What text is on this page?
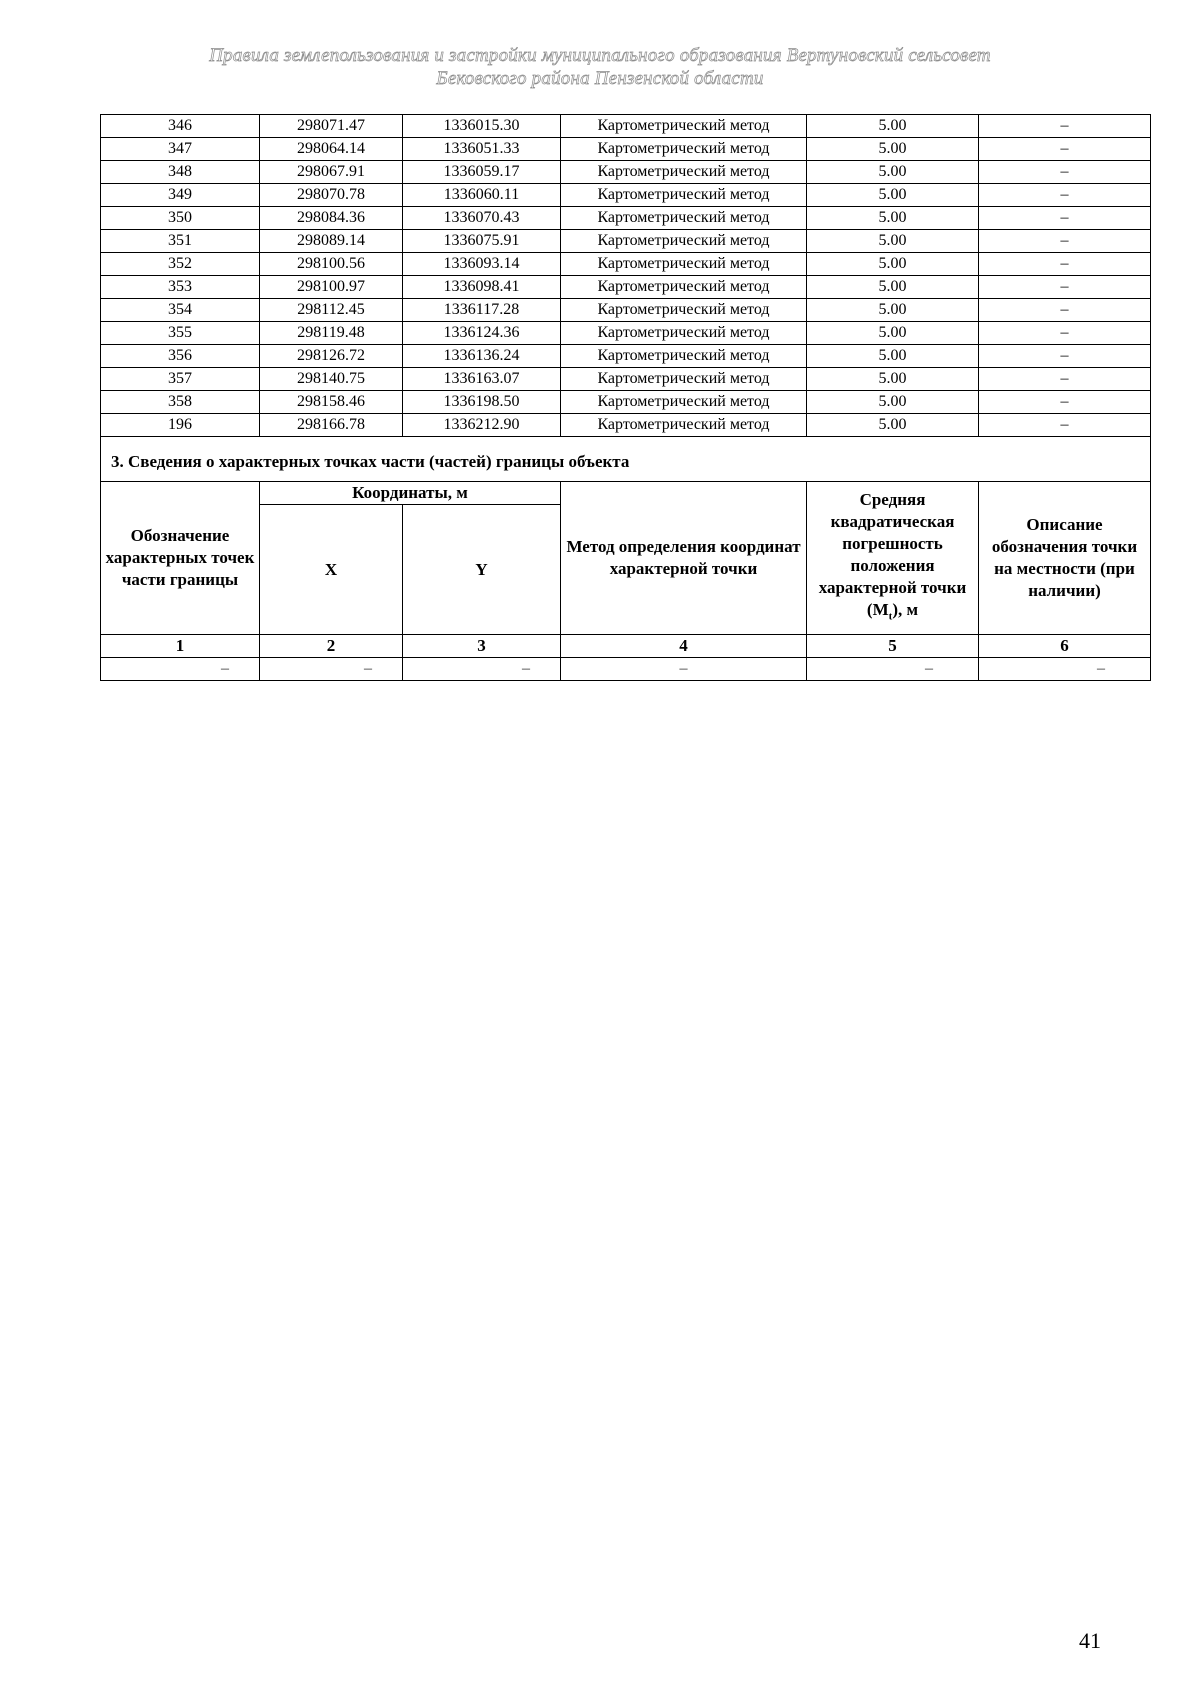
Правила землепользования и застройки муниципального образования Вертуновский сельсовет
Бековского района Пензенской области
346	298071.47	1336015.30	Картометрический метод	5.00	–
347	298064.14	1336051.33	Картометрический метод	5.00	–
348	298067.91	1336059.17	Картометрический метод	5.00	–
349	298070.78	1336060.11	Картометрический метод	5.00	–
350	298084.36	1336070.43	Картометрический метод	5.00	–
351	298089.14	1336075.91	Картометрический метод	5.00	–
352	298100.56	1336093.14	Картометрический метод	5.00	–
353	298100.97	1336098.41	Картометрический метод	5.00	–
354	298112.45	1336117.28	Картометрический метод	5.00	–
355	298119.48	1336124.36	Картометрический метод	5.00	–
356	298126.72	1336136.24	Картометрический метод	5.00	–
357	298140.75	1336163.07	Картометрический метод	5.00	–
358	298158.46	1336198.50	Картометрический метод	5.00	–
196	298166.78	1336212.90	Картометрический метод	5.00	–
3. Сведения о характерных точках части (частей) границы объекта					
Обозначение характерных точек части границы	Координаты, м		Метод определения координат характерной точки	Средняя квадратическая погрешность положения характерной точки $(M_t)$, м	Описание обозначения точки на местности (при наличии)
	X	Y			
1	2	3	4	5	6
–	–	–	–	–	–
41
